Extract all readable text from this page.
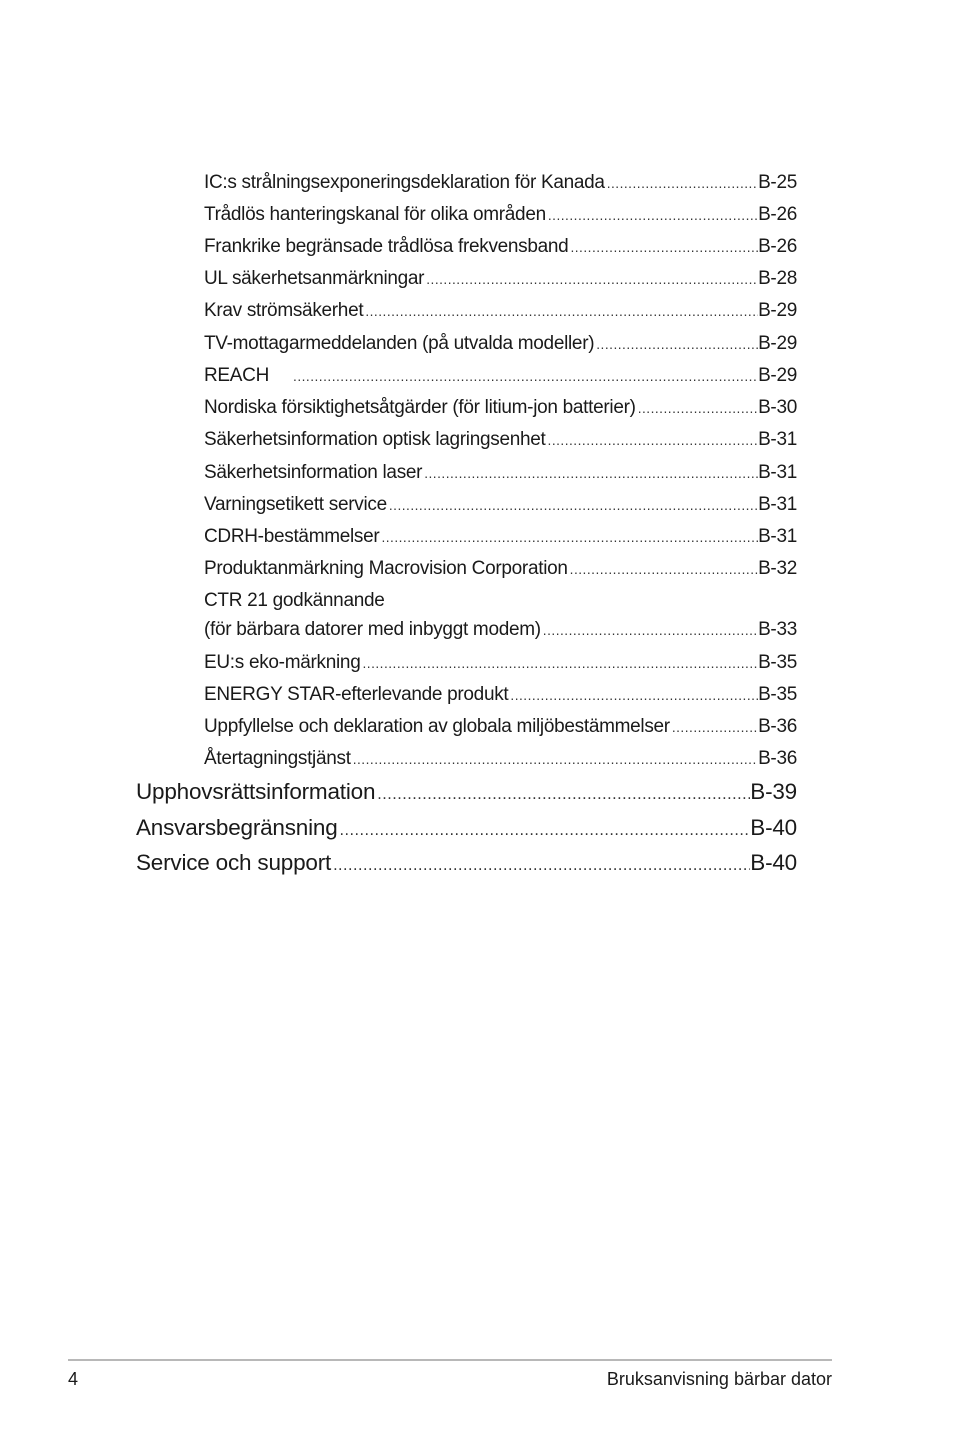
IC:s strålningsexponeringsdeklaration för Kanada .....	B-25
Trådlös hanteringskanal för olika områden .....	B-26
Frankrike begränsade trådlösa frekvensband .....	B-26
UL säkerhetsanmärkningar .....	B-28
Krav strömsäkerhet .....	B-29
TV-mottagarmeddelanden (på utvalda modeller) .....	B-29
REACH .....	B-29
Nordiska försiktighetsåtgärder (för litium-jon batterier) .....	B-30
Säkerhetsinformation optisk lagringsenhet .....	B-31
Säkerhetsinformation laser .....	B-31
Varningsetikett service .....	B-31
CDRH-bestämmelser .....	B-31
Produktanmärkning Macrovision Corporation .....	B-32
CTR 21 godkännande
(för bärbara datorer med inbyggt modem) .....	B-33
EU:s eko-märkning .....	B-35
ENERGY STAR-efterlevande produkt .....	B-35
Uppfyllelse och deklaration av globala miljöbestämmelser .....	B-36
Återtagningstjänst .....	B-36
Upphovsrättsinformation .....	B-39
Ansvarsbegränsning .....	B-40
Service och support .....	B-40
4	Bruksanvisning bärbar dator
